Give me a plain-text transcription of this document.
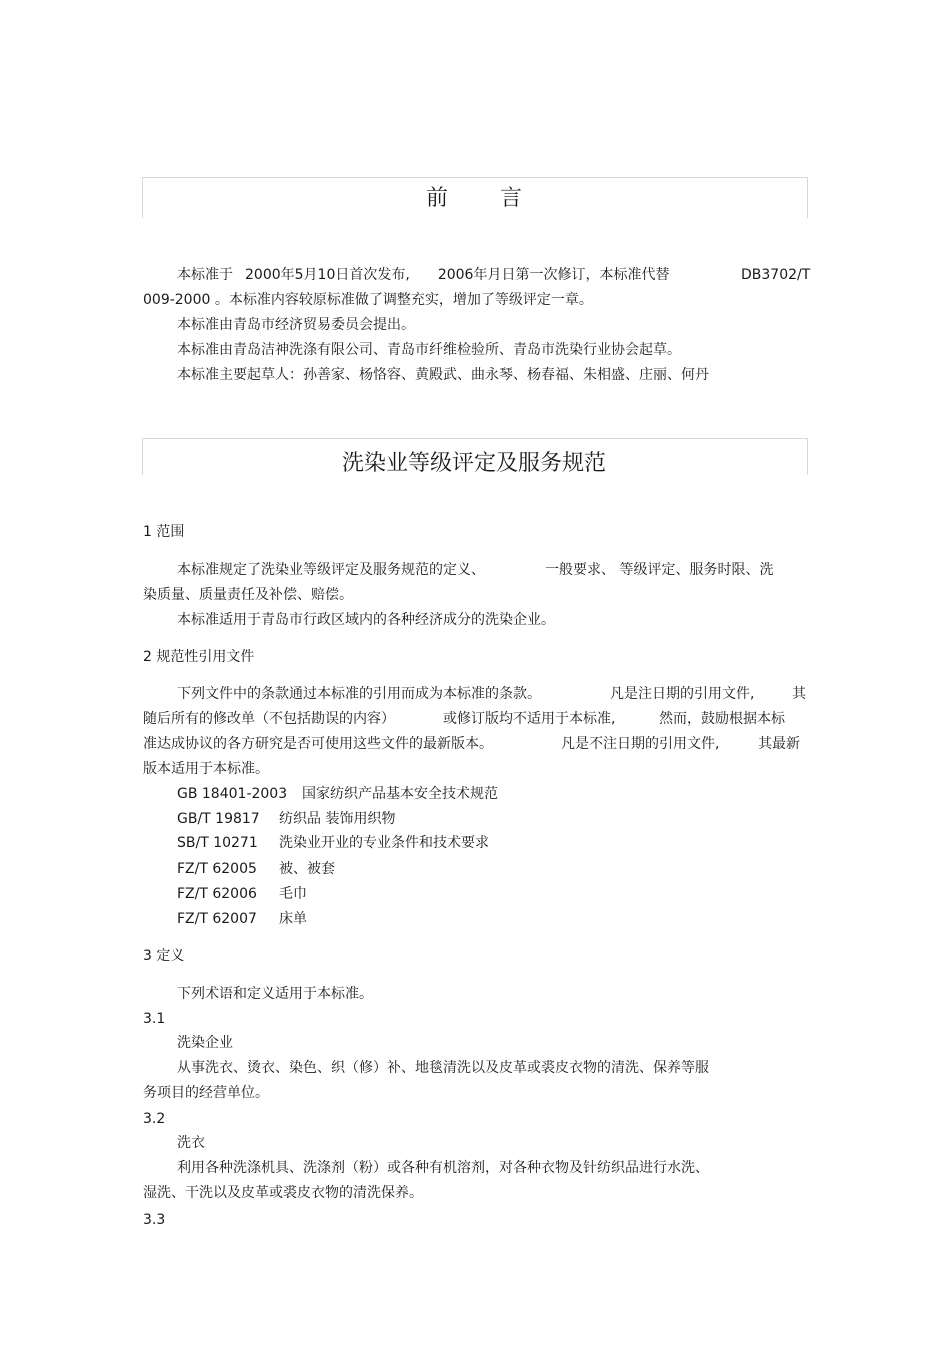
前 言
本标准于 2000年5月10日首次发布, 2006年月日第一次修订，本标准代替	DB3702/T
009-2000 。本标准内容较原标准做了调整充实，增加了等级评定一章。
本标准由青岛市经济贸易委员会提出。
本标准由青岛洁神洗涤有限公司、青岛市纤维检验所、青岛市洗染行业协会起草。
本标准主要起草人：孙善家、杨恪容、黄殿武、曲永琴、杨春福、朱相盛、庄丽、何丹
洗染业等级评定及服务规范
1 范围
本标准规定了洗染业等级评定及服务规范的定义、	一般要求、 等级评定、服务时限、洗
染质量、质量责任及补偿、赔偿。
本标准适用于青岛市行政区域内的各种经济成分的洗染企业。
2 规范性引用文件
下列文件中的条款通过本标准的引用而成为本标准的条款。	凡是注日期的引用文件,	其
随后所有的修改单（不包括勘误的内容）	或修订版均不适用于本标准,	然而，鼓励根据本标
准达成协议的各方研究是否可使用这些文件的最新版本。	凡是不注日期的引用文件,	其最新
版本适用于本标准。
GB 18401-2003 国家纺织产品基本安全技术规范
GB/T 19817 纺织品 装饰用织物
SB/T 10271 洗染业开业的专业条件和技术要求
FZ/T 62005 被、被套
FZ/T 62006 毛巾
FZ/T 62007 床单
3 定义
下列术语和定义适用于本标准。
3.1
洗染企业
从事洗衣、烫衣、染色、织（修）补、地毯清洗以及皮革或裘皮衣物的清洗、保养等服
务项目的经营单位。
3.2
洗衣
利用各种洗涤机具、洗涤剂（粉）或各种有机溶剂，对各种衣物及针纺织品进行水洗、
湿洗、干洗以及皮革或裘皮衣物的清洗保养。
3.3
